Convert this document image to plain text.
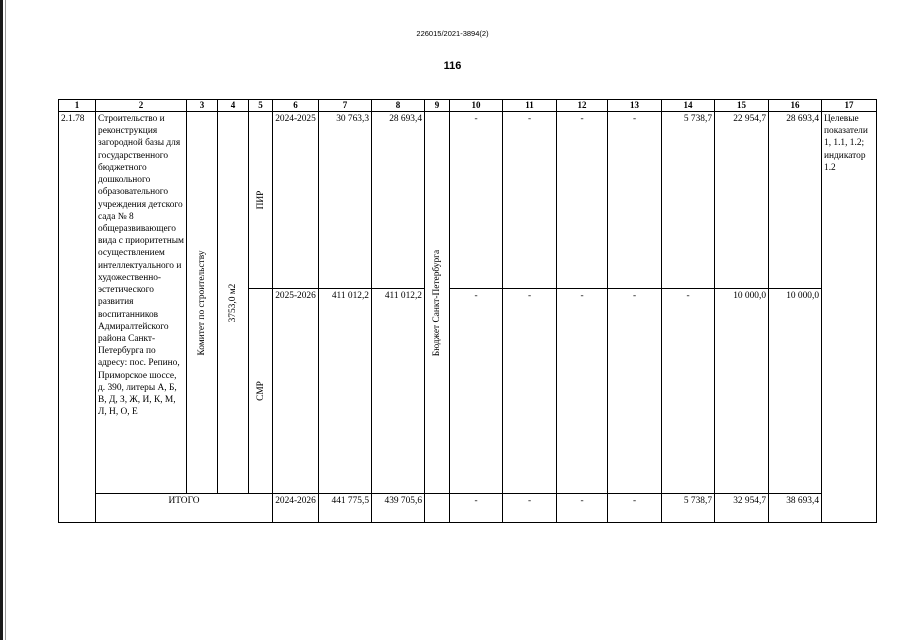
226015/2021-3894(2)
116
1	2	3	4	5	6	7	8	9	10	11	12	13	14	15	16	17
2.1.78	Строительство и реконструкция загородной базы для государственного бюджетного дошкольного образовательного учреждения детского сада № 8 общеразвивающего вида с приоритетным осуществлением интеллектуального и художественно-эстетического развития воспитанников Адмиралтейского района Санкт-Петербурга по адресу: пос. Репино, Приморское шоссе, д. 390, литеры А, Б, В, Д, З, Ж, И, К, М, Л, Н, О, Е	Комитет по строительству	3753,0 м2	ПИР	2024-2025	30 763,3	28 693,4	Бюджет Санкт-Петербурга	-	-	-	-	5 738,7	22 954,7	28 693,4	Целевые показатели 1, 1.1, 1.2; индикатор 1.2

				СМР	2025-2026	411 012,2	411 012,2		-	-	-	-	-	10 000,0	10 000,0	
	ИТОГО				2024-2026	441 775,5	439 705,6		-	-	-	-	5 738,7	32 954,7	38 693,4	
